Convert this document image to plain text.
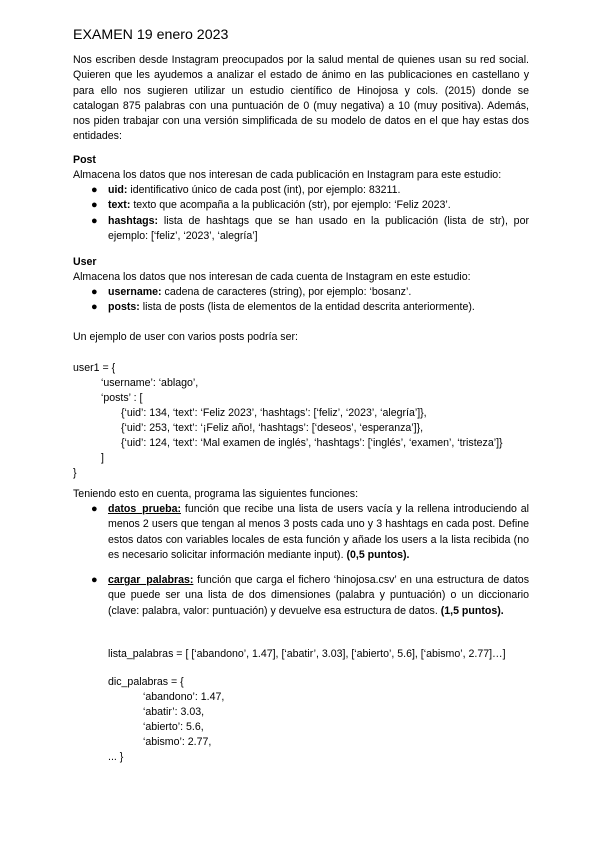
EXAMEN 19 enero 2023

Nos escriben desde Instagram preocupados por la salud mental de quienes usan su red social. Quieren que les ayudemos a analizar el estado de ánimo en las publicaciones en castellano y para ello nos sugieren utilizar un estudio científico de Hinojosa y cols. (2015) donde se catalogan 875 palabras con una puntuación de 0 (muy negativa) a 10 (muy positiva). Además, nos piden trabajar con una versión simplificada de su modelo de datos en el que hay estas dos entidades:

Post

Almacena los datos que nos interesan de cada publicación en Instagram para este estudio:

● uid: identificativo único de cada post (int), por ejemplo: 83211.
● text: texto que acompaña a la publicación (str), por ejemplo: ‘Feliz 2023’.
● hashtags: lista de hashtags que se han usado en la publicación (lista de str), por ejemplo: [‘feliz’, ‘2023’, ‘alegría’]

User

Almacena los datos que nos interesan de cada cuenta de Instagram en este estudio:

● username: cadena de caracteres (string), por ejemplo: ‘bosanz’.
● posts: lista de posts (lista de elementos de la entidad descrita anteriormente).

Un ejemplo de user con varios posts podría ser:

user1 = {

‘username’: ‘ablago’,

‘posts’ : [

{‘uid’: 134, ‘text’: ‘Feliz 2023’, ‘hashtags’: [‘feliz’, ‘2023’, ‘alegría’]},

{‘uid’: 253, ‘text’: ‘¡Feliz año!, ‘hashtags’: [‘deseos’, ‘esperanza’]},

{‘uid’: 124, ‘text’: ‘Mal examen de inglés’, ‘hashtags’: [‘inglés’, ‘examen’, ‘tristeza’]}

]

}

Teniendo esto en cuenta, programa las siguientes funciones:

● datos_prueba: función que recibe una lista de users vacía y la rellena introduciendo al menos 2 users que tengan al menos 3 posts cada uno y 3 hashtags en cada post. Define estos datos con variables locales de esta función y añade los users a la lista recibida (no es necesario solicitar información mediante input). (0,5 puntos).
● cargar_palabras: función que carga el fichero ‘hinojosa.csv’ en una estructura de datos que puede ser una lista de dos dimensiones (palabra y puntuación) o un diccionario (clave: palabra, valor: puntuación) y devuelve esa estructura de datos. (1,5 puntos).

lista_palabras = [ [‘abandono’, 1.47], [‘abatir’, 3.03], [‘abierto’, 5.6], [‘abismo’, 2.77]…]

dic_palabras = {

‘abandono’: 1.47,

‘abatir’: 3.03,

‘abierto’: 5.6,

‘abismo’: 2.77,

... }
